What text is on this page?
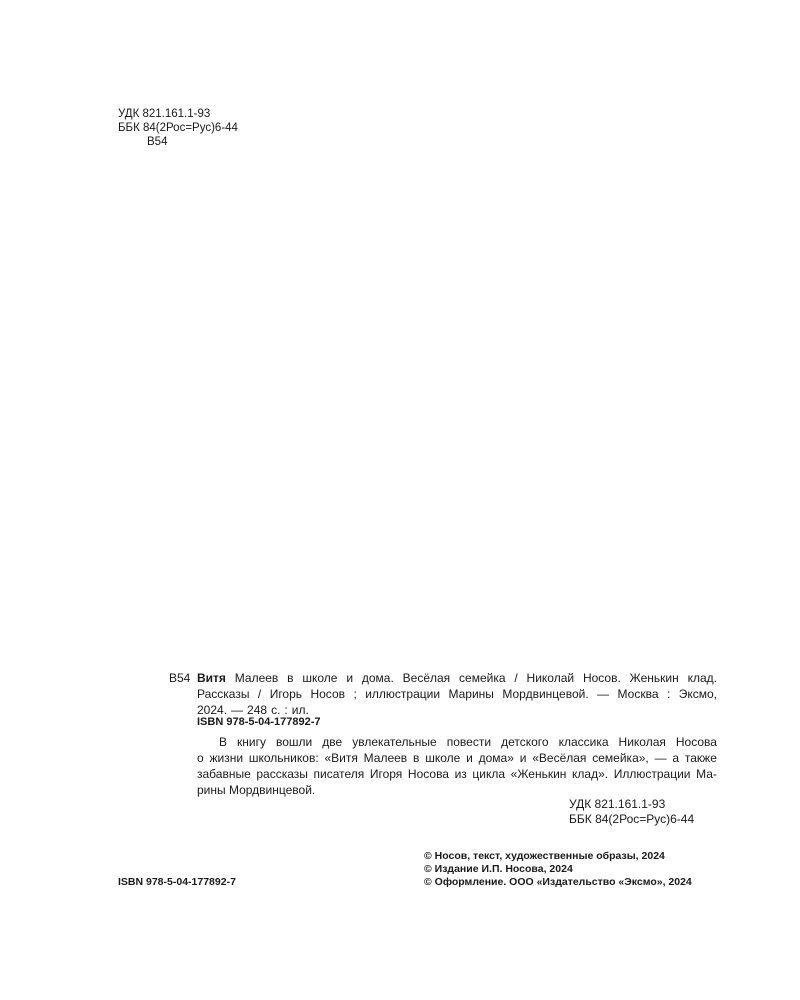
УДК 821.161.1-93
ББК 84(2Рос=Рус)6-44
В54
В54 Витя Малеев в школе и дома. Весёлая семейка / Николай Носов. Женькин клад.
Рассказы / Игорь Носов ; иллюстрации Марины Мордвинцевой. — Москва : Эксмо,
2024. — 248 с. : ил.
ISBN 978-5-04-177892-7
В книгу вошли две увлекательные повести детского классика Николая Носова
о жизни школьников: «Витя Малеев в школе и дома» и «Весёлая семейка», — а также
забавные рассказы писателя Игоря Носова из цикла «Женькин клад». Иллюстрации Ма-
рины Мордвинцевой.
УДК 821.161.1-93
ББК 84(2Рос=Рус)6-44
© Носов, текст, художественные образы, 2024
© Издание И.П. Носова, 2024
© Оформление. ООО «Издательство «Эксмо», 2024
ISBN 978-5-04-177892-7
